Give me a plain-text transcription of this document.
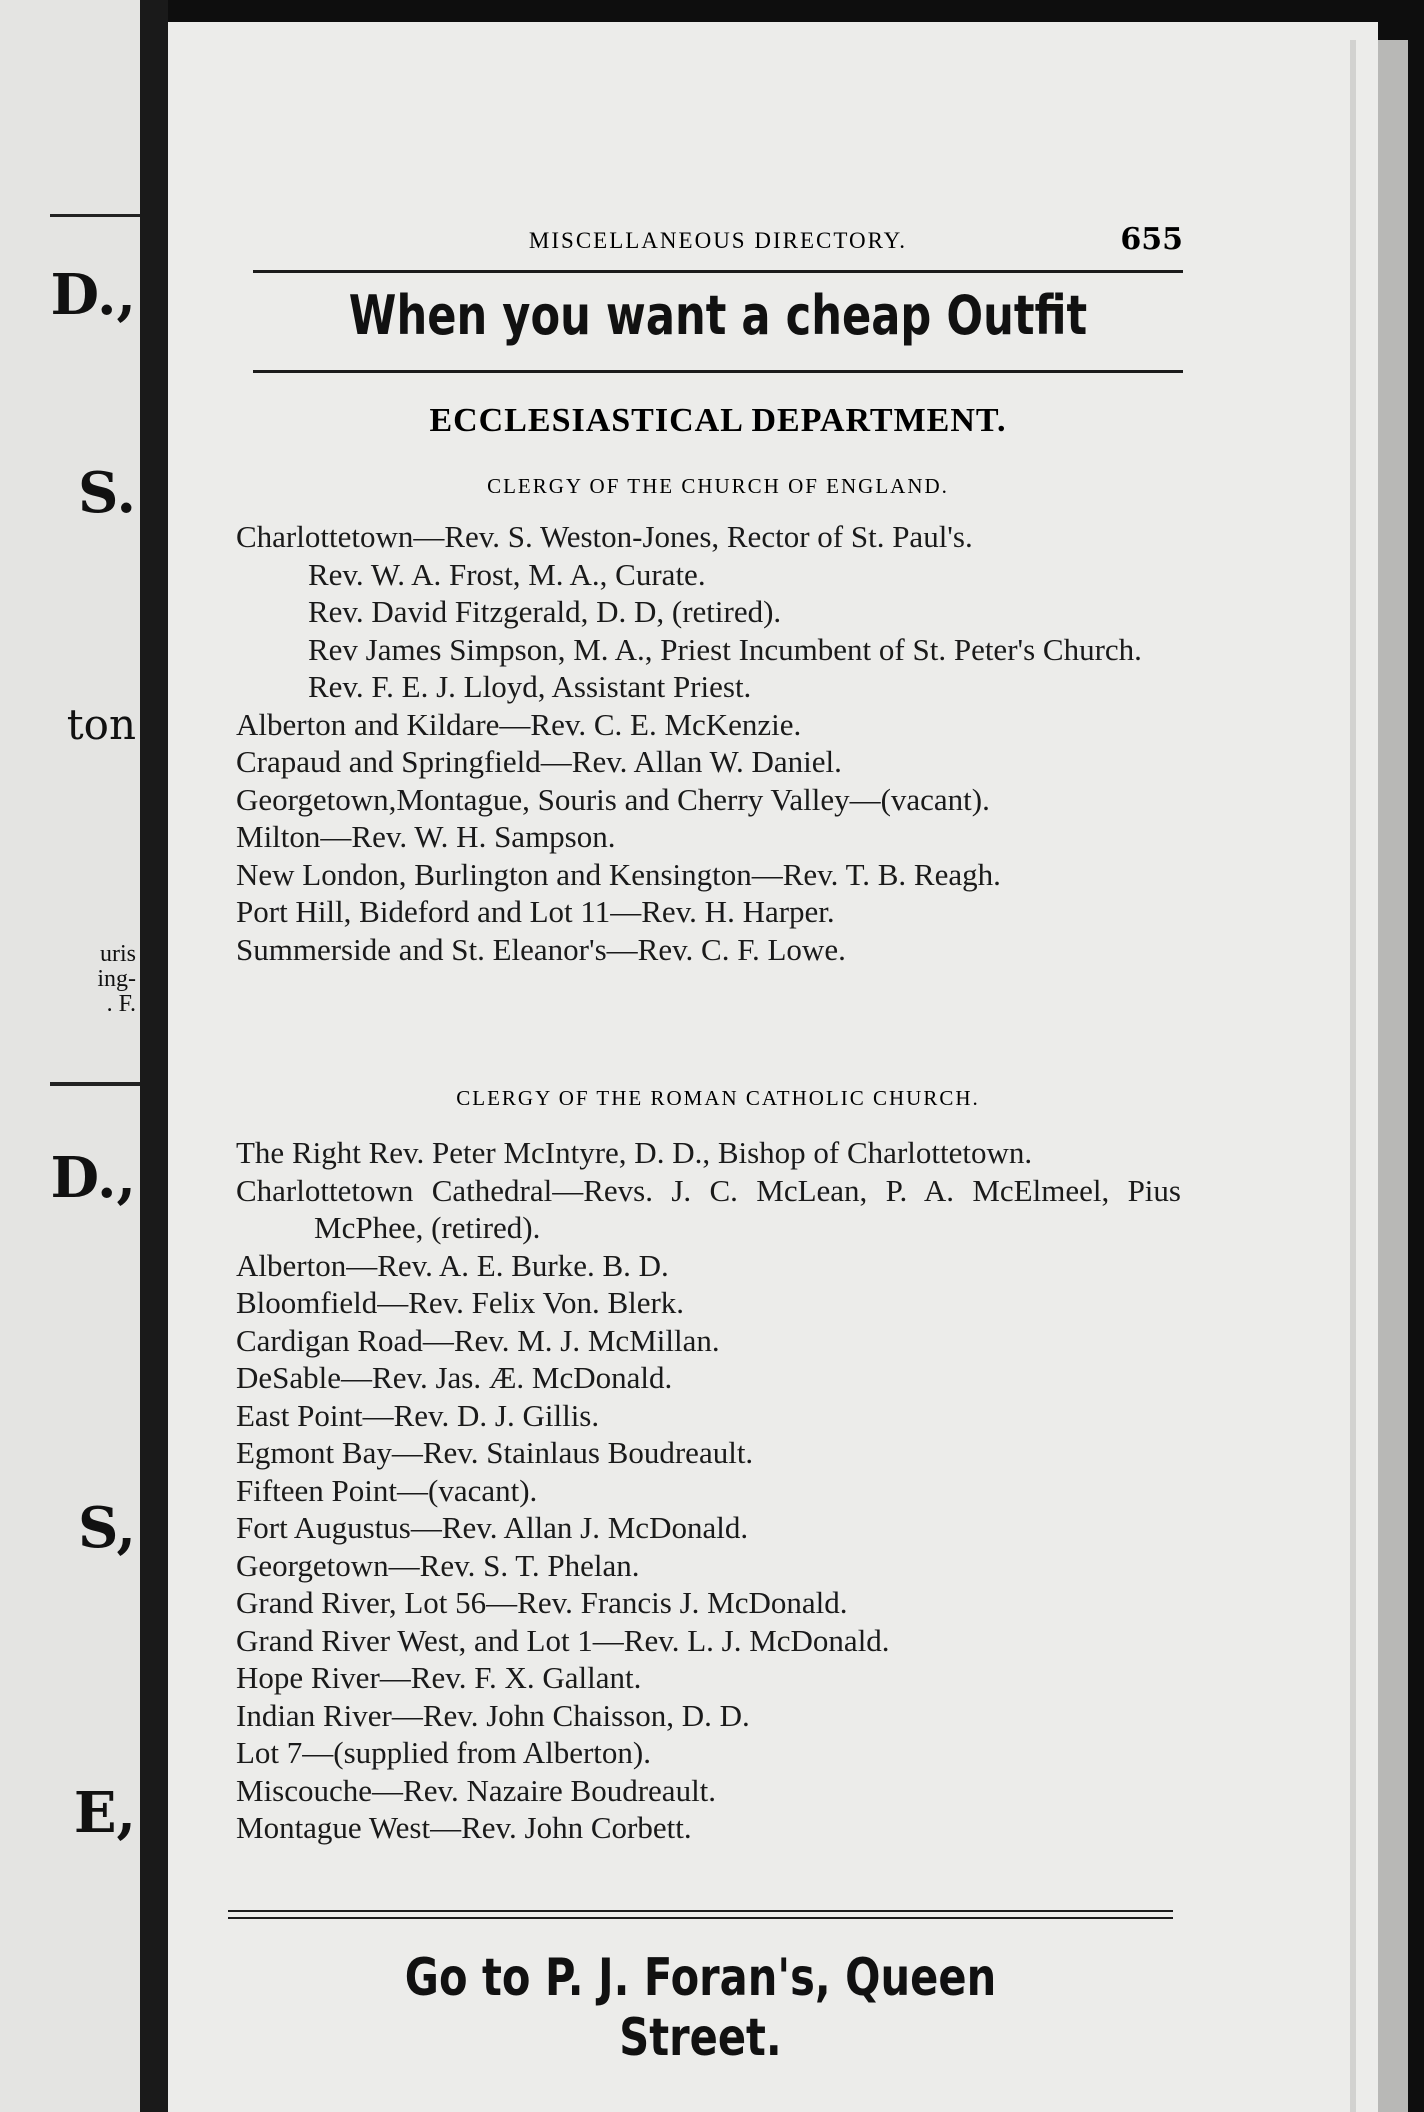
D.,
S.
ton
uris
ing-
. F.
D.,
S,
E,
MISCELLANEOUS DIRECTORY.	655
When you want a cheap Outfit
ECCLESIASTICAL DEPARTMENT.
CLERGY OF THE CHURCH OF ENGLAND.
Charlottetown—Rev. S. Weston-Jones, Rector of St. Paul's.
Rev. W. A. Frost, M. A., Curate.
Rev. David Fitzgerald, D. D, (retired).
Rev James Simpson, M. A., Priest Incumbent of St. Peter's Church.
Rev. F. E. J. Lloyd, Assistant Priest.
Alberton and Kildare—Rev. C. E. McKenzie.
Crapaud and Springfield—Rev. Allan W. Daniel.
Georgetown,Montague, Souris and Cherry Valley—(vacant).
Milton—Rev. W. H. Sampson.
New London, Burlington and Kensington—Rev. T. B. Reagh.
Port Hill, Bideford and Lot 11—Rev. H. Harper.
Summerside and St. Eleanor's—Rev. C. F. Lowe.
CLERGY OF THE ROMAN CATHOLIC CHURCH.
The Right Rev. Peter McIntyre, D. D., Bishop of Charlottetown.
Charlottetown Cathedral—Revs. J. C. McLean, P. A. McElmeel, Pius McPhee, (retired).
Alberton—Rev. A. E. Burke. B. D.
Bloomfield—Rev. Felix Von. Blerk.
Cardigan Road—Rev. M. J. McMillan.
DeSable—Rev. Jas. Æ. McDonald.
East Point—Rev. D. J. Gillis.
Egmont Bay—Rev. Stainlaus Boudreault.
Fifteen Point—(vacant).
Fort Augustus—Rev. Allan J. McDonald.
Georgetown—Rev. S. T. Phelan.
Grand River, Lot 56—Rev. Francis J. McDonald.
Grand River West, and Lot 1—Rev. L. J. McDonald.
Hope River—Rev. F. X. Gallant.
Indian River—Rev. John Chaisson, D. D.
Lot 7—(supplied from Alberton).
Miscouche—Rev. Nazaire Boudreault.
Montague West—Rev. John Corbett.
Go to P. J. Foran's, Queen Street.
